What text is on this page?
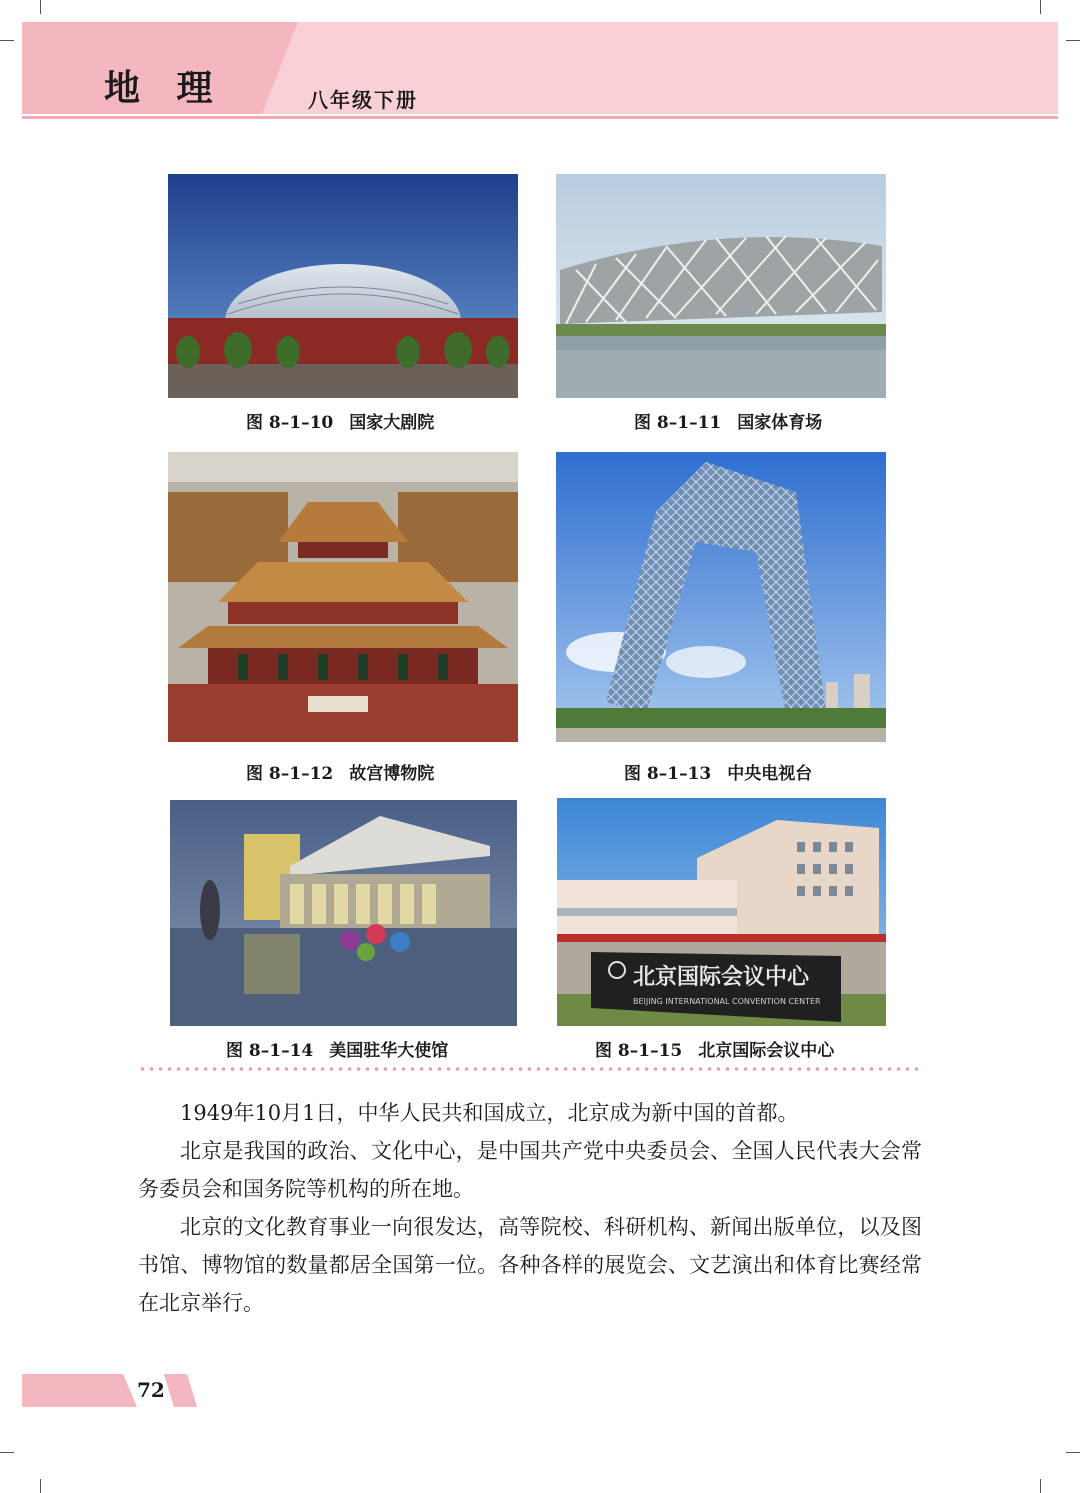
地 理	八年级下册
图 8–1–10 国家大剧院	图 8–1–11 国家体育场
图 8–1–12 故宫博物院	图 8–1–13 中央电视台
图 8–1–14 美国驻华大使馆
北京国际会议中心
BEIJING INTERNATIONAL CONVENTION CENTER
图 8–1–15 北京国际会议中心

1949年10月1日，中华人民共和国成立，北京成为新中国的首都。

北京是我国的政治、文化中心，是中国共产党中央委员会、全国人民代表大会常务委员会和国务院等机构的所在地。

北京的文化教育事业一向很发达，高等院校、科研机构、新闻出版单位，以及图书馆、博物馆的数量都居全国第一位。各种各样的展览会、文艺演出和体育比赛经常在北京举行。

72
